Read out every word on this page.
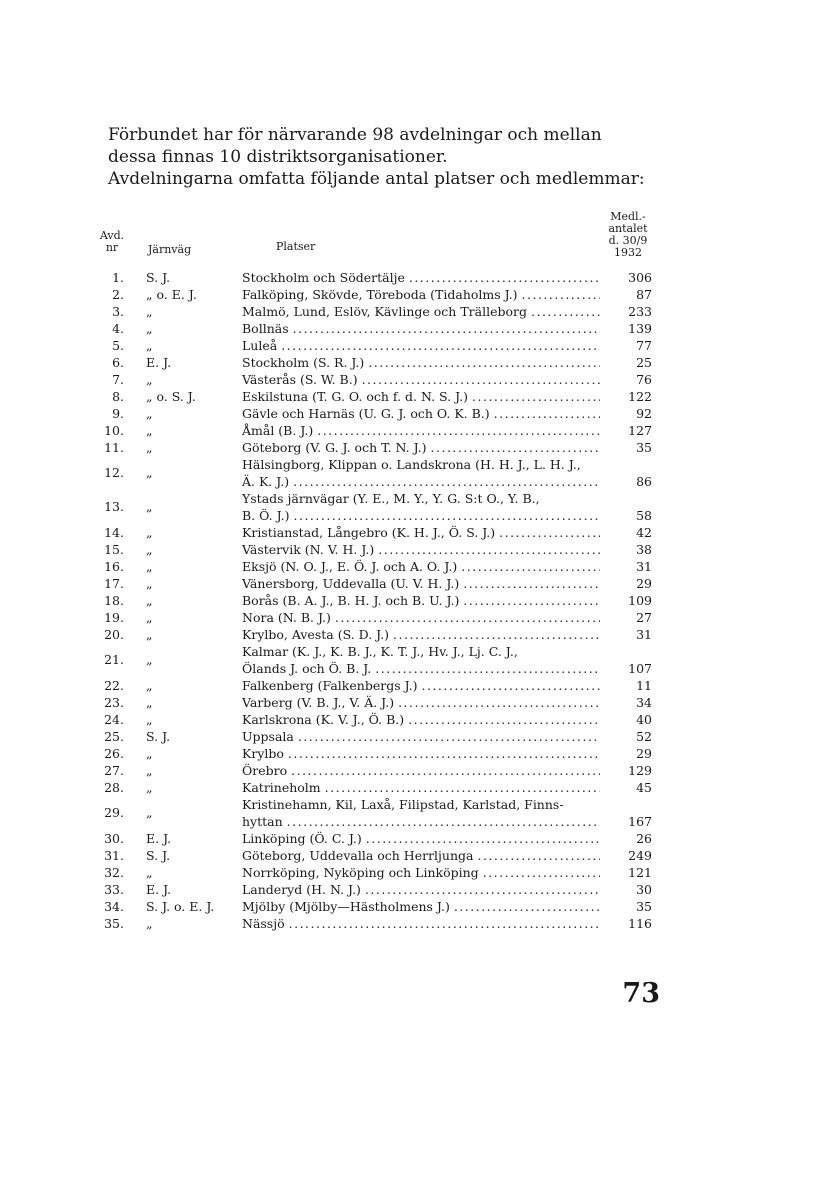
Förbundet har för närvarande 98 avdelningar och mellan dessa finnas 10 distriktsorganisationer.

Avdelningarna omfatta följande antal platser och medlemmar:

Avd.
nr	Järnväg	Platser
Medl.-
antalet
d. 30/9
1932
1. S. J.	Stockholm och Södertälje .....	306
2. „ o. E. J.	Falköping, Skövde, Töreboda (Tidaholms J.) .....	87
3. „	Malmö, Lund, Eslöv, Kävlinge och Trälleborg .....	233
4. „	Bollnäs .....	139
5. „	Luleå .....	77
6. E. J.	Stockholm (S. R. J.) .....	25
7. „	Västerås (S. W. B.) .....	76
8. „ o. S. J.	Eskilstuna (T. G. O. och f. d. N. S. J.) .....	122
9. „	Gävle och Harnäs (U. G. J. och O. K. B.) .....	92
10. „	Åmål (B. J.) .....	127
11. „	Göteborg (V. G. J. och T. N. J.) .....	35
12. „
Hälsingborg, Klippan o. Landskrona (H. H. J., L. H. J.,
Ä. K. J.) .....	86
13. „
Ystads järnvägar (Y. E., M. Y., Y. G. S:t O., Y. B.,
B. Ö. J.) .....	58
14. „	Kristianstad, Långebro (K. H. J., Ö. S. J.) .....	42
15. „	Västervik (N. V. H. J.) .....	38
16. „	Eksjö (N. O. J., E. Ö. J. och A. O. J.) .....	31
17. „	Vänersborg, Uddevalla (U. V. H. J.) .....	29
18. „	Borås (B. A. J., B. H. J. och B. U. J.) .....	109
19. „	Nora (N. B. J.) .....	27
20. „	Krylbo, Avesta (S. D. J.) .....	31
21. „
Kalmar (K. J., K. B. J., K. T. J., Hv. J., Lj. C. J.,
Ölands J. och Ö. B. J. .....	107
22. „	Falkenberg (Falkenbergs J.) .....	11
23. „	Varberg (V. B. J., V. Ä. J.) .....	34
24. „	Karlskrona (K. V. J., Ö. B.) .....	40
25. S. J.	Uppsala .....	52
26. „	Krylbo .....	29
27. „	Örebro .....	129
28. „	Katrineholm .....	45
29. „
Kristinehamn, Kil, Laxå, Filipstad, Karlstad, Finns-
hyttan .....	167
30. E. J.	Linköping (Ö. C. J.) .....	26
31. S. J.	Göteborg, Uddevalla och Herrljunga .....	249
32. „	Norrköping, Nyköping och Linköping .....	121
33. E. J.	Landeryd (H. N. J.) .....	30
34. S. J. o. E. J. Mjölby (Mjölby—Hästholmens J.) .....	35
35. „	Nässjö .....	116
73
